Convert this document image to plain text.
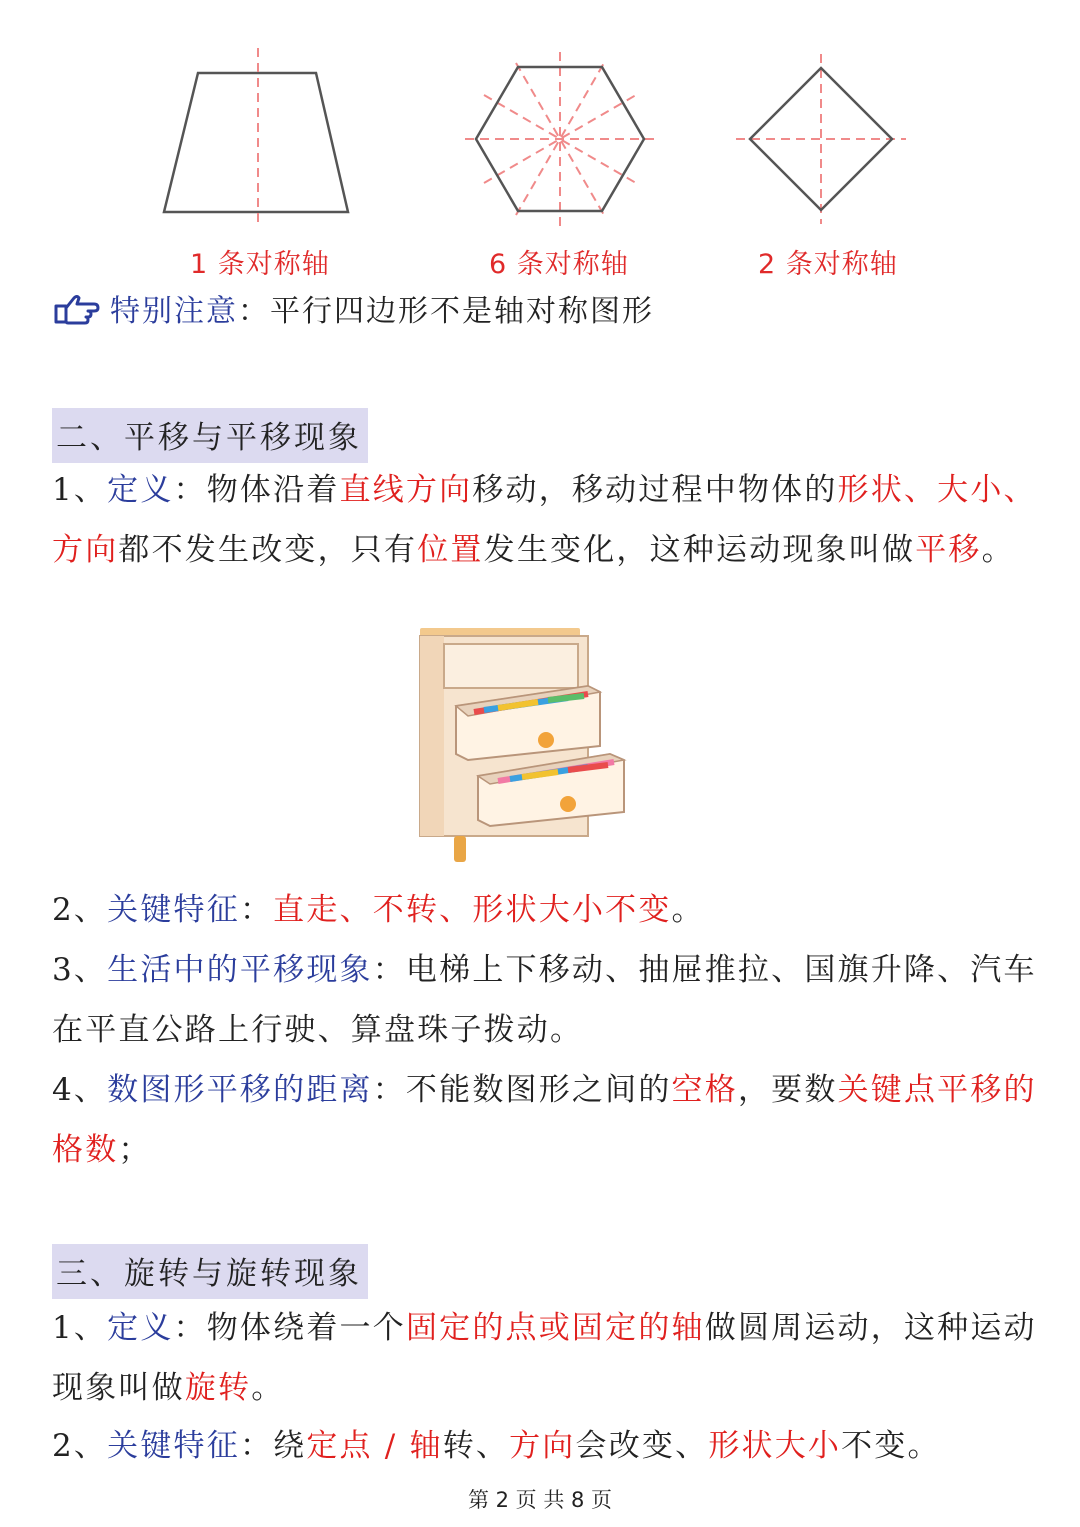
1 条对称轴	6 条对称轴	2 条对称轴
特别注意 ： 平行四边形不是轴对称图形
二、平移与平移现象
1、定义：物体沿着直线方向移动，移动过程中物体的形状、大小、方向都不发生改变，只有位置发生变化，这种运动现象叫做平移。
2、关键特征：直走、不转、形状大小不变。
3、生活中的平移现象：电梯上下移动、抽屉推拉、国旗升降、汽车在平直公路上行驶、算盘珠子拨动。
4、数图形平移的距离：不能数图形之间的空格，要数关键点平移的格数；
三、旋转与旋转现象
1、定义：物体绕着一个固定的点或固定的轴做圆周运动，这种运动现象叫做旋转。
2、关键特征：绕定点 / 轴转、方向会改变、形状大小不变。
第 2 页 共 8 页
